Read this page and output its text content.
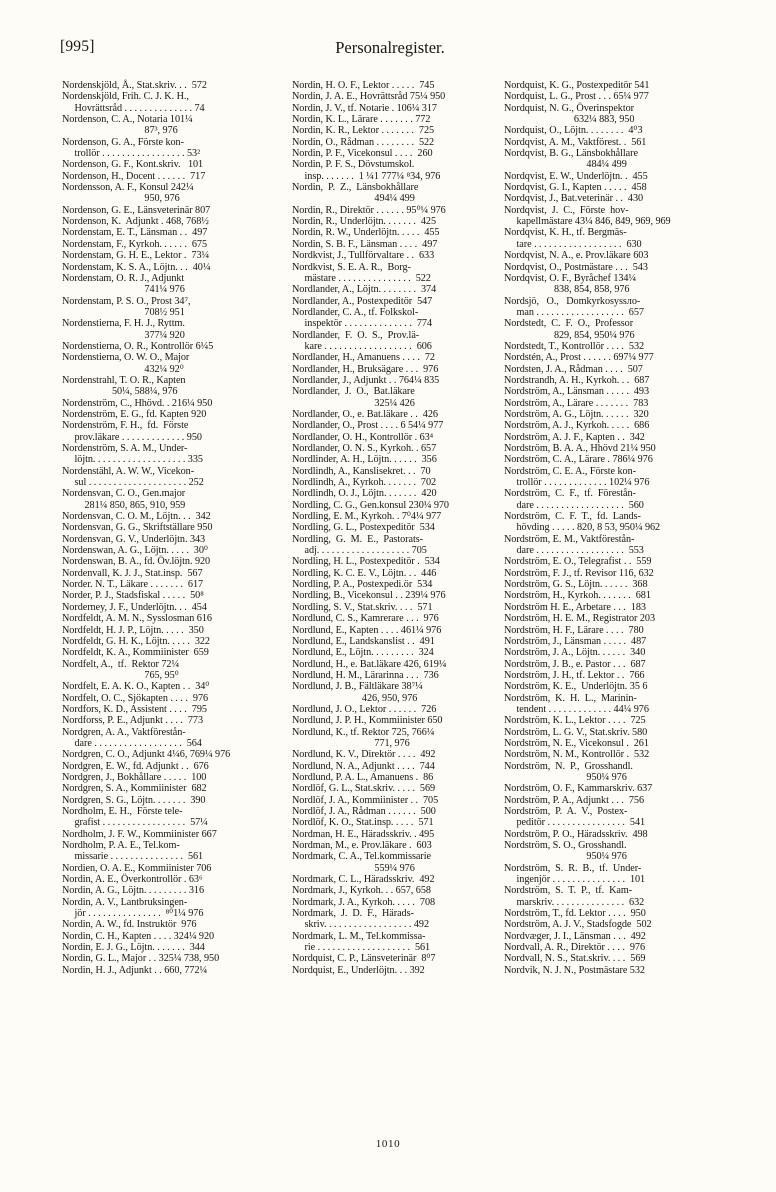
[995]	Personalregister.
Nordenskjöld, Å., Stat.skriv. . .  572
Nordenskjöld, Frih. C. J. K. H.,
Hovrättsråd . . . . . . . . . . . . . . 74
Nordenson, C. A., Notaria 101¼
87³, 976
Nordenson, G. A., Förste kon-
trollör . . . . . . . . . . . . . . . . . 53²
Nordenson, G. F., Kont.skriv.   101
Nordenson, H., Docent . . . . . .  717
Nordensson, A. F., Konsul 242¼
950, 976
Nordenson, G. E., Länsveterinär 807
Nordenson, K.  Adjunkt . 468, 768½
Nordenstam, E. T., Länsman . .  497
Nordenstam, F., Kyrkoh. . . . . .  675
Nordenstam, G. H. E., Lektor .  73¼
Nordenstam, K. S. A., Löjtn. . .  40¼
Nordenstam, O. R. J., Adjunkt
741¼ 976
Nordenstam, P. S. O., Prost 34⁷,
708½ 951
Nordenstierna, F. H. J., Ryttm.
377¼ 920
Nordenstierna, O. R., Kontrollör 6¼5
Nordenstierna, O. W. O., Major
432¼ 92⁰
Nordenstrahl, T. O. R., Kapten
50¼, 588¼, 976
Nordenström, C., Hhövd. . 216¼ 950
Nordenström, E. G., fd. Kapten 920
Nordenström, F. H.,  fd.  Förste
prov.läkare . . . . . . . . . . . . . 950
Nordenström, S. A. M., Under-
löjtn. . . . . . . . . . . . . . . . . . . 335
Nordenstähl, A. W. W., Vicekon-
sul . . . . . . . . . . . . . . . . . . . . 252
Nordensvan, C. O., Gen.major
281¼ 850, 865, 910, 959
Nordensvan, C. O. M., Löjtn. . .  342
Nordensvan, G. G., Skriftställare 950
Nordensvan, G. V., Underlöjtn. 343
Nordenswan, A. G., Löjtn. . . . .  30⁰
Nordenswan, B. A., fd. Öv.löjtn. 920
Nordenvall, K. J. J., Stat.insp.  567
Norder. N. T., Läkare . . . . . . .  617
Norder, P. J., Stadsfiskal . . . . .  50⁸
Norderney, J. F., Underlöjtn. . .  454
Nordfeldt, A. M. N., Sysslosman 616
Nordfeldt, H. J. P., Löjtn. . . . .  350
Nordfeldt, G. H. K., Löjtn. . . . .  322
Nordfeldt, K. A., Kommiinister  659
Nordfelt, A.,  tf.  Rektor 72¼
765, 95⁰
Nordfelt, E. A. K. O., Kapten . .  34⁰
Nordfelt, O. C., Sjökapten . . . .  976
Nordfors, K. D., Assistent . . . .  795
Nordforss, P. E., Adjunkt . . . .  773
Nordgren, A. A., Vaktförestån-
dare . . . . . . . . . . . . . . . . . .  564
Nordgren, C. O., Adjunkt 4¼6, 769¼ 976
Nordgren, E. W., fd. Adjunkt . .  676
Nordgren, J., Bokhållare . . . . .  100
Nordgren, S. A., Kommiinister  682
Nordgren, S. G., Löjtn. . . . . . .  390
Nordholm, E. H.,  Förste tele-
grafist . . . . . . . . . . . . . . . . .  57¼
Nordholm, J. F. W., Kommiinister 667
Nordholm, P. A. E., Tel.kom-
missarie . . . . . . . . . . . . . . .  561
Nordien, O. A. E., Kommiinister 706
Nordin, A. E., Överkontrollör . 63⁶
Nordin, A. G., Löjtn. . . . . . . . . 316
Nordin, A. V., Lantbruksingen-
jör . . . . . . . . . . . . . . .  ⁸⁰1¼ 976
Nordin, A. W., fd. Instruktör  976
Nordin, C. H., Kapten . . . . 324¼ 920
Nordin, E. J. G., Löjtn. . . . . . .  344
Nordin, G. L., Major . . 325¼ 738, 950
Nordin, H. J., Adjunkt . . 660, 772¼
Nordin, H. O. F., Lektor . . . . .  745
Nordin, J. A. E., Hovrättsråd 75¼ 950
Nordin, J. V., tf. Notarie . 106¼ 317
Nordin, K. L., Lärare . . . . . . . 772
Nordin, K. R., Lektor . . . . . . .  725
Nordin, O., Rådman . . . . . . . .  522
Nordin, P. F., Vicekonsul . . . .  260
Nordin, P. F. S., Dövstumskol.
insp. . . . . . .  1 ¼1 777¼ ⁸34, 976
Nordin,  P.  Z.,  Länsbokhållare
494¼ 499
Nordin, R., Direktör . . . . . . 95⁰¼ 976
Nordin, R., Underlöjtn. . . . . . .  425
Nordin, R. W., Underlöjtn. . . . .  455
Nordin, S. B. F., Länsman . . . .  497
Nordkvist, J., Tullförvaltare . .  633
Nordkvist, S. E. A. R.,  Borg-
mästare . . . . . . . . . . . . . . .  522
Nordlander, A., Löjtn. . . . . . . .  374
Nordlander, A., Postexpeditör  547
Nordlander, C. A., tf. Folkskol-
inspektör . . . . . . . . . . . . . .  774
Nordlander,  F.  O.  S.,  Prov.lä-
kare . . . . . . . . . . . . . . . . . .  606
Nordlander, H., Amanuens . . . .  72
Nordlander, H., Bruksägare . . .  976
Nordlander, J., Adjunkt . . 764¼ 835
Nordlander,  J.  O.,  Bat.läkare
325¼ 426
Nordlander, O., e. Bat.läkare . .  426
Nordlander, O., Prost . . . . 6 54¼ 977
Nordlander, O. H., Kontrollör . 63⁴
Nordlander, O. N. S., Kyrkoh. . 657
Nordlinder, A. H., Löjtn. . . . . .  356
Nordlindh, A., Kanslisekret. . .  70
Nordlindh, A., Kyrkoh. . . . . . .  702
Nordlindh, O. J., Löjtn. . . . . . .  420
Nordling, C. G., Gen.konsul 230¼ 970
Nordling, E. M., Kyrkoh. . 7⁰4¼ 977
Nordling, G. L., Postexpeditör  534
Nordling,  G.  M.  E.,  Pastorats-
adj. . . . . . . . . . . . . . . . . . . 705
Nordling, H. L., Postexpeditör .  534
Nordling, K. C. E. V., Löjtn. . .  446
Nordling, P. A., Postexpedi.ör  534
Nordling, B., Vicekonsul . . 239¼ 976
Nordling, S. V., Stat.skriv. . . .  571
Nordlund, C. S., Kamrerare . . .  976
Nordlund, E., Kapten . . . . 461¼ 976
Nordlund, E., Landskanslist . .  491
Nordlund, E., Löjtn. . . . . . . . .  324
Nordlund, H., e. Bat.läkare 426, 619¼
Nordlund, H. M., Lärarinna . . .  736
Nordlund, J. B., Fältläkare 38⁷¼
426, 950, 976
Nordlund, J. O., Lektor . . . . . .  726
Nordlund, J. P. H., Kommiinister 650
Nordlund, K., tf. Rektor 725, 766¼
771, 976
Nordlund, K. V., Direktör . . . .  492
Nordlund, N. A., Adjunkt . . . .  744
Nordlund, P. A. L., Amanuens .  86
Nordlöf, G. L., Stat.skriv. . . . .  569
Nordlöf, J. A., Kommiinister . .  705
Nordlöf, J. A., Rådman . . . . . .  500
Nordlöf, K. O., Stat.insp. . . . .  571
Nordman, H. E., Häradsskriv. . 495
Nordman, M., e. Prov.läkare .  603
Nordmark, C. A., Tel.kommissarie
559¼ 976
Nordmark, C. L., Häradsskriv.  492
Nordmark, J., Kyrkoh. . . 657, 658
Nordmark, J. A., Kyrkoh. . . . .  708
Nordmark,  J.  D.  F.,  Härads-
skriv. . . . . . . . . . . . . . . . . . 492
Nordmark, L. M., Tel.kommissa-
rie . . . . . . . . . . . . . . . . . . .  561
Nordquist, C. P., Länsveterinär  8⁰7
Nordquist, E., Underlöjtn. . . 392
Nordquist, K. G., Postexpeditör 541
Nordquist, L. G., Prost . . . 65¼ 977
Nordquist, N. G., Överinspektor
632¼ 883, 950
Nordquist, O., Löjtn. . . . . . . .  4⁰3
Nordqvist, A. M., Vaktförest. .  561
Nordqvist, B. G., Länsbokhållare
484¼ 499
Nordqvist, E. W., Underlöjtn. .  455
Nordqvist, G. I., Kapten . . . . .  458
Nordqvist, J., Bat.veterinär . .  430
Nordqvist,  J.  C.,  Förste  hov-
kapellmästare 43¼ 846, 849, 969, 969
Nordqvist, K. H., tf. Bergmäs-
tare . . . . . . . . . . . . . . . . . .  630
Nordqvist, N. A., e. Prov.läkare 603
Nordqvist, O., Postmästare . . .  543
Nordqvist, O. F., Byråchef 134¼
838, 854, 858, 976
Nordsjö,   O.,   Domkyrkosyssло-
man . . . . . . . . . . . . . . . . . .  657
Nordstedt,  C.  F.  O.,  Professor
829, 854, 950¼ 976
Nordstedt, T., Kontrollör . . . .  532
Nordstén, A., Prost . . . . . . 697¼ 977
Nordsten, J. A., Rådman . . . .  507
Nordstrandh, A. H., Kyrkoh. . .  687
Nordström, A., Länsman . . . . .  493
Nordström, A., Lärare . . . . . . .  783
Nordström, A. G., Löjtn. . . . . .  320
Nordström, A. J., Kyrkoh. . . . .  686
Nordström, A. J. F., Kapten . .  342
Nordström, B. A. A., Hhövd 21¼ 950
Nordström, C. A., Lärare . 786¼ 976
Nordström, C. E. A., Förste kon-
trollör . . . . . . . . . . . . . 102¼ 976
Nordström,  C.  F.,  tf.  Förestån-
dare . . . . . . . . . . . . . . . . . .  560
Nordström,  C.  F.  T.,  fd.  Lands-
hövding . . . . . 820, 8 53, 950¼ 962
Nordström, E. M., Vaktförestån-
dare . . . . . . . . . . . . . . . . . .  553
Nordström, E. O., Telegrafist . .  559
Nordström, F. J., tf. Revisor 116, 632
Nordström, G. S., Löjtn. . . . . .  368
Nordström, H., Kyrkoh. . . . . . .  681
Nordström H. E., Arbetare . . .  183
Nordström, H. E. M., Registrator 203
Nordström, H. F., Lärare . . . .  780
Nordström, J., Länsman . . . . .  487
Nordström, J. A., Löjtn. . . . . .  340
Nordström, J. B., e. Pastor . . .  687
Nordström, J. H., tf. Lektor . .  766
Nordström, K. E.,  Underlöjtn. 35 6
Nordström,  K.  H.  L.,  Marinin-
tendent . . . . . . . . . . . . . 44¼ 976
Nordström, K. L., Lektor . . . .  725
Nordström, L. G. V., Stat.skriv. 580
Nordström, N. E., Vicekonsul .  261
Nordström, N. M., Kontrollör .  532
Nordström,  N.  P.,  Grosshandl.
950¼ 976
Nordström, O. F., Kammarskriv. 637
Nordström, P. A., Adjunkt . . .  756
Nordström,  P.  A.  V.,  Postex-
peditör . . . . . . . . . . . . . . . .  541
Nordström, P. O., Häradsskriv.  498
Nordström, S. O., Grosshandl.
950¼ 976
Nordström,  S.  R.  B.,  tf.  Under-
ingenjör . . . . . . . . . . . . . . .  101
Nordström,  S.  T.  P.,  tf.  Kam-
marskriv. . . . . . . . . . . . . . .  632
Nordström, T., fd. Lektor . . . .  950
Nordström, A. J. V., Stadsfogde  502
Nordvæger, J. I., Länsman . . .  492
Nordvall, A. R., Direktör . . . .  976
Nordvall, N. S., Stat.skriv. . . .  569
Nordvik, N. J. N., Postmästare 532
1010
